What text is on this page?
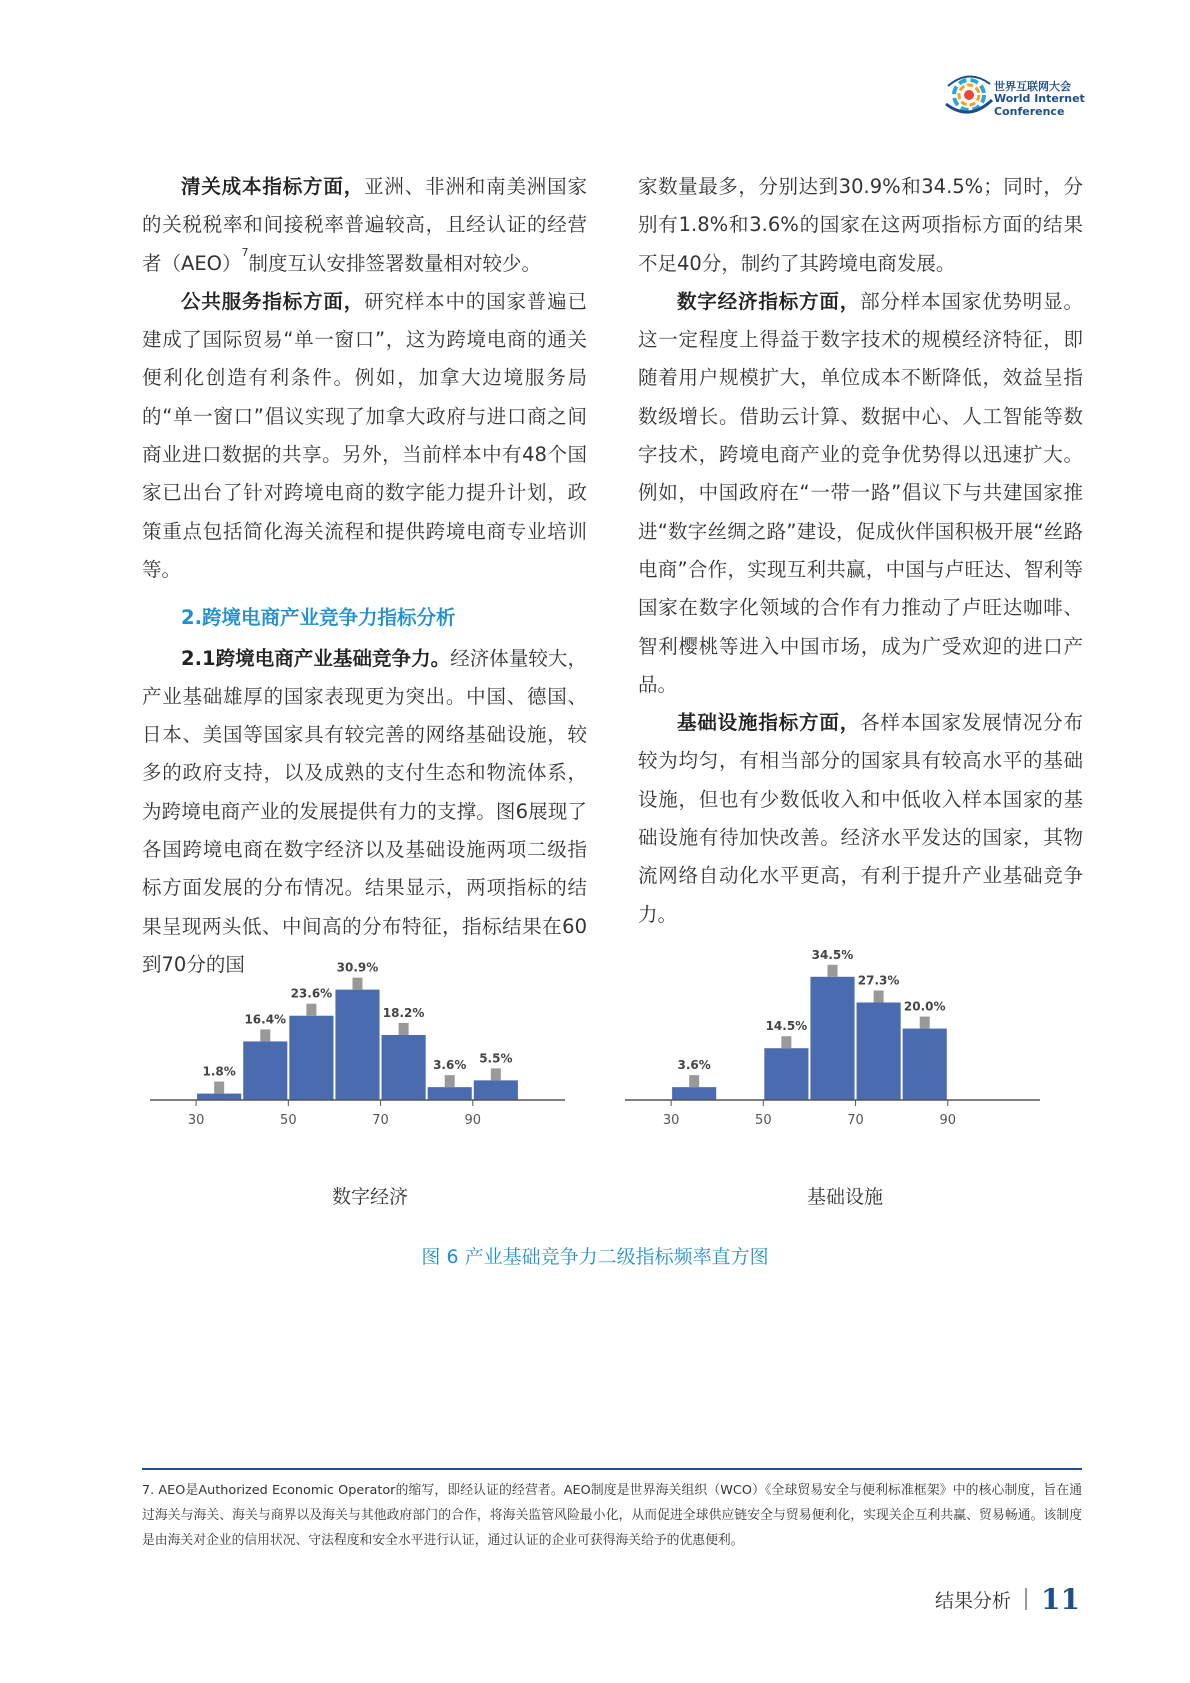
世界互联网大会
World Internet
Conference

清关成本指标方面，亚洲、非洲和南美洲国家的关税税率和间接税率普遍较高，且经认证的经营者（AEO）$^7$制度互认安排签署数量相对较少。

公共服务指标方面，研究样本中的国家普遍已建成了国际贸易“单一窗口”，这为跨境电商的通关便利化创造有利条件。例如，加拿大边境服务局的“单一窗口”倡议实现了加拿大政府与进口商之间商业进口数据的共享。另外，当前样本中有48个国家已出台了针对跨境电商的数字能力提升计划，政策重点包括简化海关流程和提供跨境电商专业培训等。

2.跨境电商产业竞争力指标分析

2.1跨境电商产业基础竞争力。经济体量较大，产业基础雄厚的国家表现更为突出。中国、德国、日本、美国等国家具有较完善的网络基础设施，较多的政府支持，以及成熟的支付生态和物流体系，为跨境电商产业的发展提供有力的支撑。图6展现了各国跨境电商在数字经济以及基础设施两项二级指标方面发展的分布情况。结果显示，两项指标的结果呈现两头低、中间高的分布特征，指标结果在60到70分的国

家数量最多，分别达到30.9%和34.5%；同时，分别有1.8%和3.6%的国家在这两项指标方面的结果不足40分，制约了其跨境电商发展。

数字经济指标方面，部分样本国家优势明显。这一定程度上得益于数字技术的规模经济特征，即随着用户规模扩大，单位成本不断降低，效益呈指数级增长。借助云计算、数据中心、人工智能等数字技术，跨境电商产业的竞争优势得以迅速扩大。例如，中国政府在“一带一路”倡议下与共建国家推进“数字丝绸之路”建设，促成伙伴国积极开展“丝路电商”合作，实现互利共赢，中国与卢旺达、智利等国家在数字化领域的合作有力推动了卢旺达咖啡、智利樱桃等进入中国市场，成为广受欢迎的进口产品。

基础设施指标方面，各样本国家发展情况分布较为均匀，有相当部分的国家具有较高水平的基础设施，但也有少数低收入和中低收入样本国家的基础设施有待加快改善。经济水平发达的国家，其物流网络自动化水平更高，有利于提升产业基础竞争力。

1.8%
16.4%
23.6%
30.9%
18.2%
3.6% 5.5%
30	50	70	90
数字经济
3.6%
14.5%
34.5%
27.3%
20.0%
30	50	70	90
基础设施
图 6 产业基础竞争力二级指标频率直方图
7. AEO是Authorized Economic Operator的缩写，即经认证的经营者。AEO制度是世界海关组织（WCO）《全球贸易安全与便利标准框架》中的核心制度，旨在通过海关与海关、海关与商界以及海关与其他政府部门的合作，将海关监管风险最小化，从而促进全球供应链安全与贸易便利化，实现关企互利共赢、贸易畅通。该制度是由海关对企业的信用状况、守法程度和安全水平进行认证，通过认证的企业可获得海关给予的优惠便利。
结果分析 11
